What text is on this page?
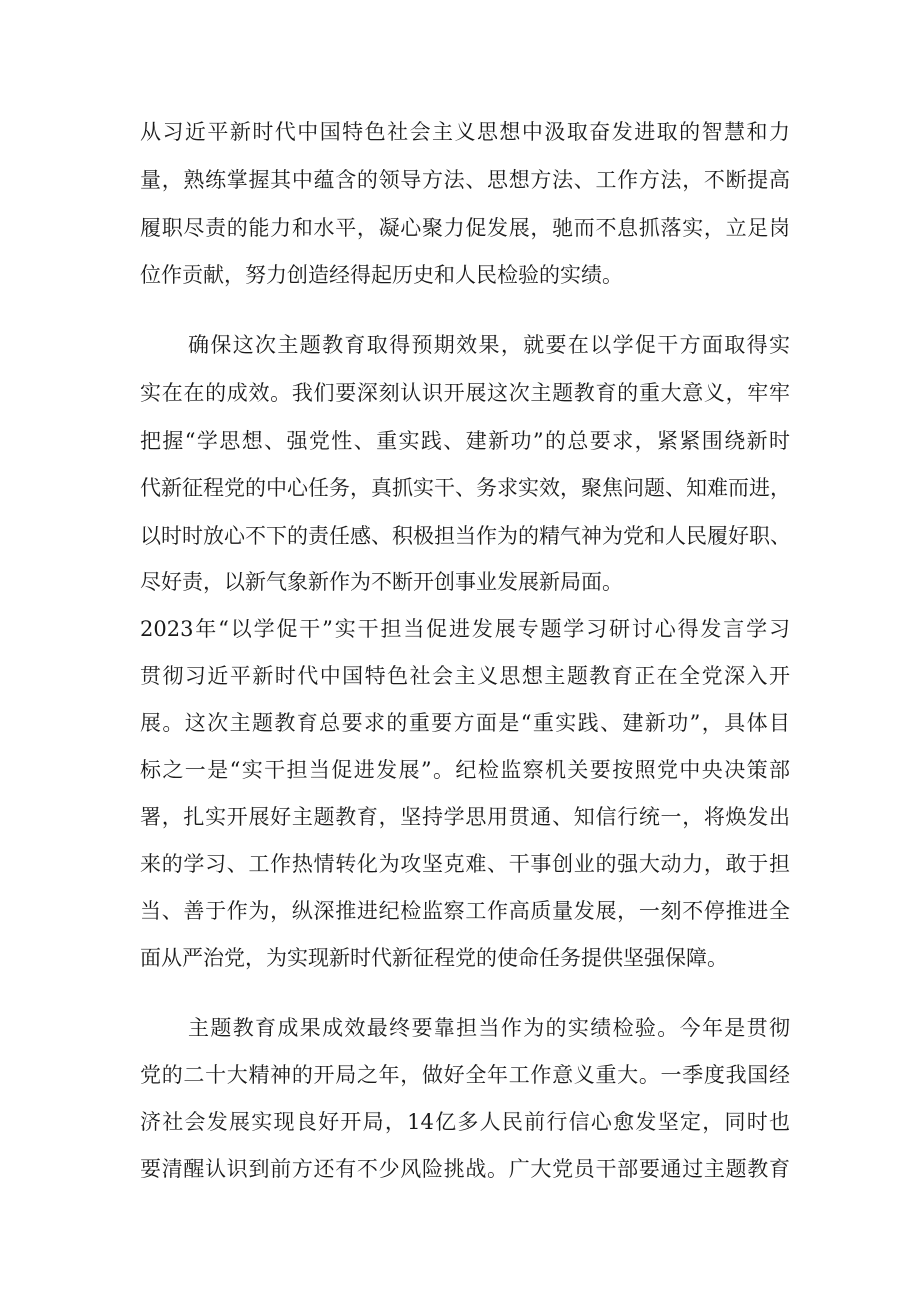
从习近平新时代中国特色社会主义思想中汲取奋发进取的智慧和力
量，熟练掌握其中蕴含的领导方法、思想方法、工作方法，不断提高
履职尽责的能力和水平，凝心聚力促发展，驰而不息抓落实，立足岗
位作贡献，努力创造经得起历史和人民检验的实绩。
确保这次主题教育取得预期效果，就要在以学促干方面取得实
实在在的成效。我们要深刻认识开展这次主题教育的重大意义，牢牢
把握“学思想、强党性、重实践、建新功”的总要求，紧紧围绕新时
代新征程党的中心任务，真抓实干、务求实效，聚焦问题、知难而进，
以时时放心不下的责任感、积极担当作为的精气神为党和人民履好职、
尽好责，以新气象新作为不断开创事业发展新局面。
2023年“以学促干”实干担当促进发展专题学习研讨心得发言学习
贯彻习近平新时代中国特色社会主义思想主题教育正在全党深入开
展。这次主题教育总要求的重要方面是“重实践、建新功”，具体目
标之一是“实干担当促进发展”。纪检监察机关要按照党中央决策部
署，扎实开展好主题教育，坚持学思用贯通、知信行统一，将焕发出
来的学习、工作热情转化为攻坚克难、干事创业的强大动力，敢于担
当、善于作为，纵深推进纪检监察工作高质量发展，一刻不停推进全
面从严治党，为实现新时代新征程党的使命任务提供坚强保障。
主题教育成果成效最终要靠担当作为的实绩检验。今年是贯彻
党的二十大精神的开局之年，做好全年工作意义重大。一季度我国经
济社会发展实现良好开局，14亿多人民前行信心愈发坚定，同时也
要清醒认识到前方还有不少风险挑战。广大党员干部要通过主题教育
